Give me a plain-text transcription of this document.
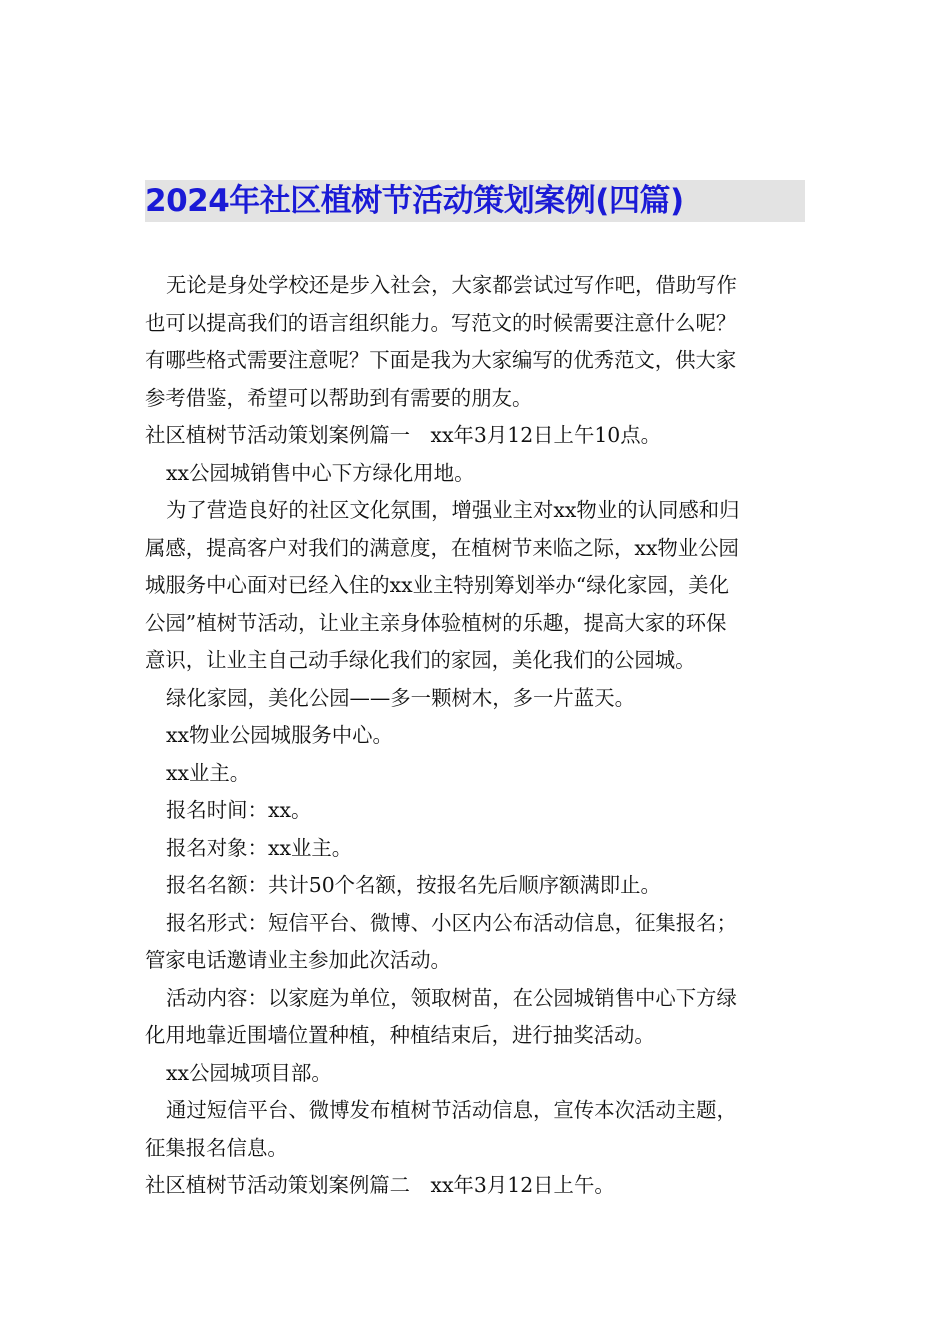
2024年社区植树节活动策划案例(四篇)
无论是身处学校还是步入社会，大家都尝试过写作吧，借助写作
也可以提高我们的语言组织能力。写范文的时候需要注意什么呢？
有哪些格式需要注意呢？下面是我为大家编写的优秀范文，供大家
参考借鉴，希望可以帮助到有需要的朋友。
社区植树节活动策划案例篇一　xx年3月12日上午10点。
xx公园城销售中心下方绿化用地。
为了营造良好的社区文化氛围，增强业主对xx物业的认同感和归
属感，提高客户对我们的满意度，在植树节来临之际，xx物业公园
城服务中心面对已经入住的xx业主特别筹划举办“绿化家园，美化
公园”植树节活动，让业主亲身体验植树的乐趣，提高大家的环保
意识，让业主自己动手绿化我们的家园，美化我们的公园城。
绿化家园，美化公园——多一颗树木，多一片蓝天。
xx物业公园城服务中心。
xx业主。
报名时间：xx。
报名对象：xx业主。
报名名额：共计50个名额，按报名先后顺序额满即止。
报名形式：短信平台、微博、小区内公布活动信息，征集报名；
管家电话邀请业主参加此次活动。
活动内容：以家庭为单位，领取树苗，在公园城销售中心下方绿
化用地靠近围墙位置种植，种植结束后，进行抽奖活动。
xx公园城项目部。
通过短信平台、微博发布植树节活动信息，宣传本次活动主题，
征集报名信息。
社区植树节活动策划案例篇二　xx年3月12日上午。
